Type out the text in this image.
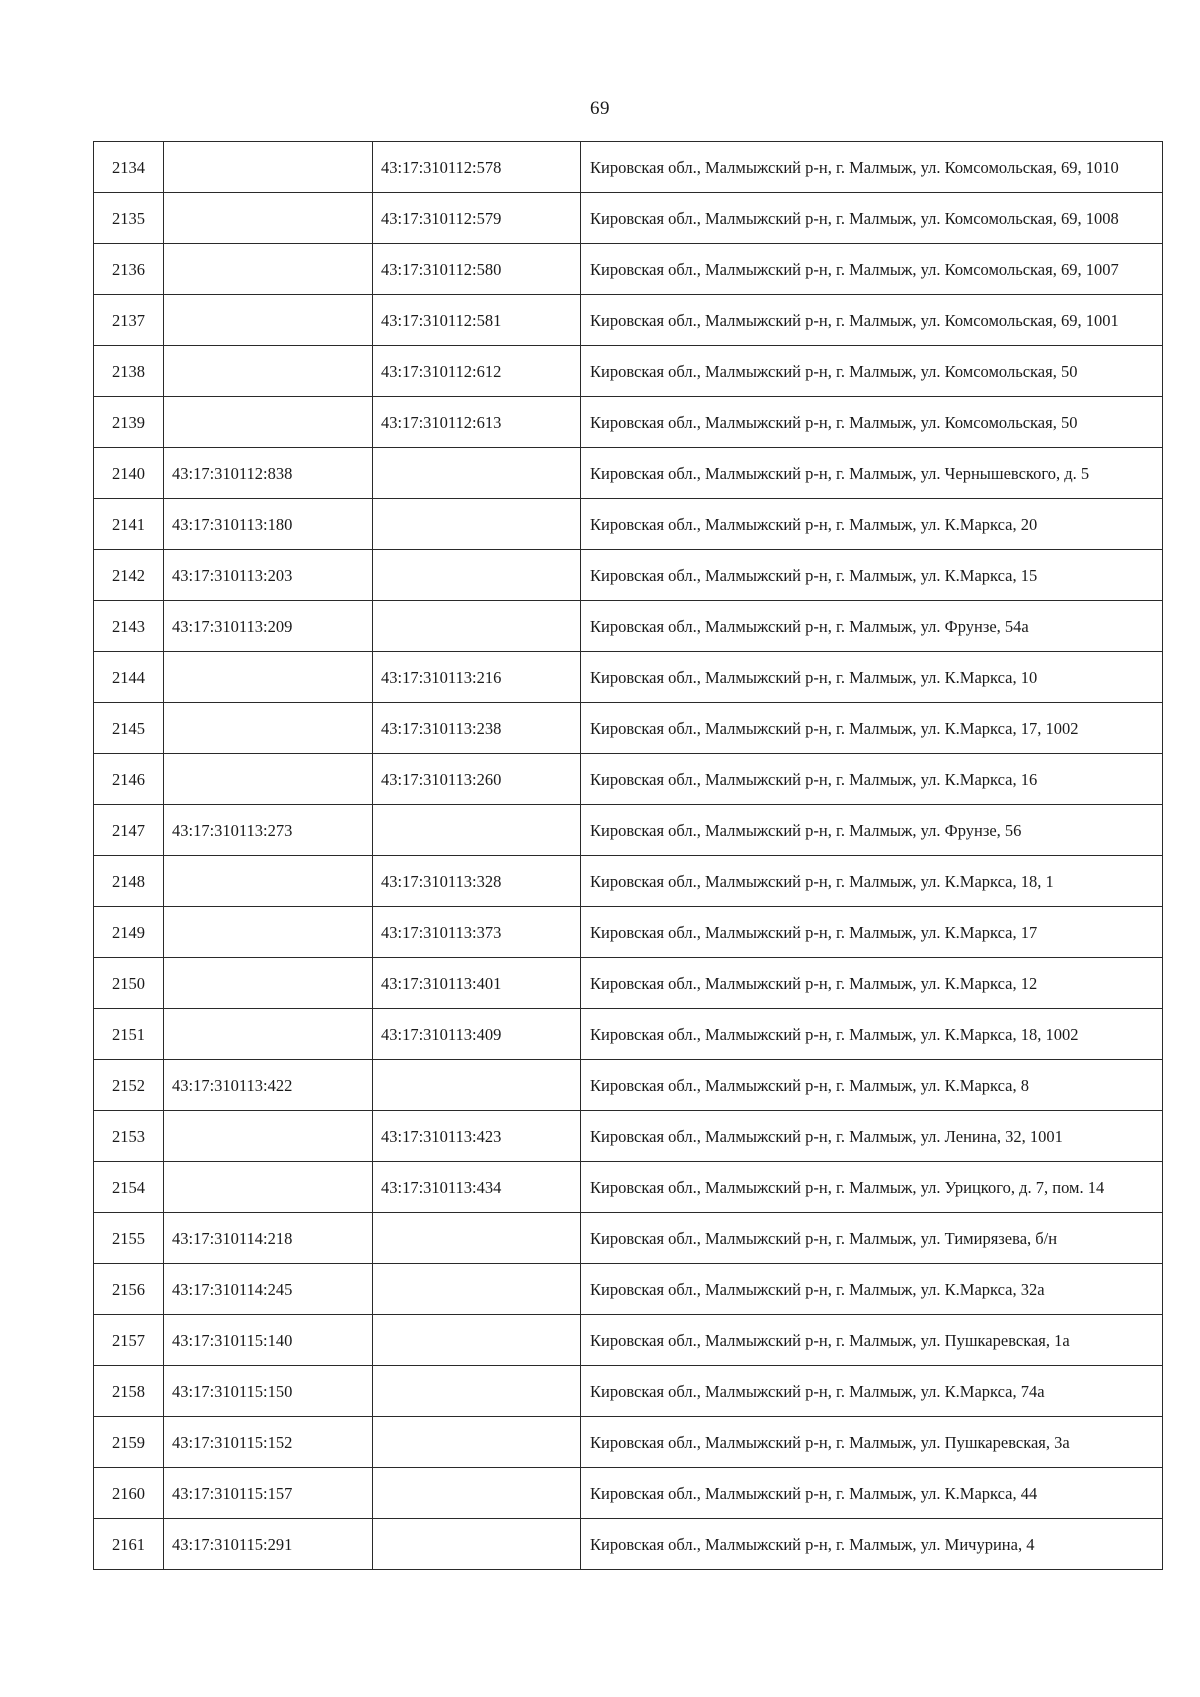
69
2134		43:17:310112:578	Кировская обл., Малмыжский р-н, г. Малмыж, ул. Комсомольская, 69, 1010
2135		43:17:310112:579	Кировская обл., Малмыжский р-н, г. Малмыж, ул. Комсомольская, 69, 1008
2136		43:17:310112:580	Кировская обл., Малмыжский р-н, г. Малмыж, ул. Комсомольская, 69, 1007
2137		43:17:310112:581	Кировская обл., Малмыжский р-н, г. Малмыж, ул. Комсомольская, 69, 1001
2138		43:17:310112:612	Кировская обл., Малмыжский р-н, г. Малмыж, ул. Комсомольская, 50
2139		43:17:310112:613	Кировская обл., Малмыжский р-н, г. Малмыж, ул. Комсомольская, 50
2140	43:17:310112:838		Кировская обл., Малмыжский р-н, г. Малмыж, ул. Чернышевского, д. 5
2141	43:17:310113:180		Кировская обл., Малмыжский р-н, г. Малмыж, ул. К.Маркса, 20
2142	43:17:310113:203		Кировская обл., Малмыжский р-н, г. Малмыж, ул. К.Маркса, 15
2143	43:17:310113:209		Кировская обл., Малмыжский р-н, г. Малмыж, ул. Фрунзе, 54а
2144		43:17:310113:216	Кировская обл., Малмыжский р-н, г. Малмыж, ул. К.Маркса, 10
2145		43:17:310113:238	Кировская обл., Малмыжский р-н, г. Малмыж, ул. К.Маркса, 17, 1002
2146		43:17:310113:260	Кировская обл., Малмыжский р-н, г. Малмыж, ул. К.Маркса, 16
2147	43:17:310113:273		Кировская обл., Малмыжский р-н, г. Малмыж, ул. Фрунзе, 56
2148		43:17:310113:328	Кировская обл., Малмыжский р-н, г. Малмыж, ул. К.Маркса, 18, 1
2149		43:17:310113:373	Кировская обл., Малмыжский р-н, г. Малмыж, ул. К.Маркса, 17
2150		43:17:310113:401	Кировская обл., Малмыжский р-н, г. Малмыж, ул. К.Маркса, 12
2151		43:17:310113:409	Кировская обл., Малмыжский р-н, г. Малмыж, ул. К.Маркса, 18, 1002
2152	43:17:310113:422		Кировская обл., Малмыжский р-н, г. Малмыж, ул. К.Маркса, 8
2153		43:17:310113:423	Кировская обл., Малмыжский р-н, г. Малмыж, ул. Ленина, 32, 1001
2154		43:17:310113:434	Кировская обл., Малмыжский р-н, г. Малмыж, ул. Урицкого, д. 7, пом. 14
2155	43:17:310114:218		Кировская обл., Малмыжский р-н, г. Малмыж, ул. Тимирязева, б/н
2156	43:17:310114:245		Кировская обл., Малмыжский р-н, г. Малмыж, ул. К.Маркса, 32а
2157	43:17:310115:140		Кировская обл., Малмыжский р-н, г. Малмыж, ул. Пушкаревская, 1а
2158	43:17:310115:150		Кировская обл., Малмыжский р-н, г. Малмыж, ул. К.Маркса, 74а
2159	43:17:310115:152		Кировская обл., Малмыжский р-н, г. Малмыж, ул. Пушкаревская, 3а
2160	43:17:310115:157		Кировская обл., Малмыжский р-н, г. Малмыж, ул. К.Маркса, 44
2161	43:17:310115:291		Кировская обл., Малмыжский р-н, г. Малмыж, ул. Мичурина, 4
